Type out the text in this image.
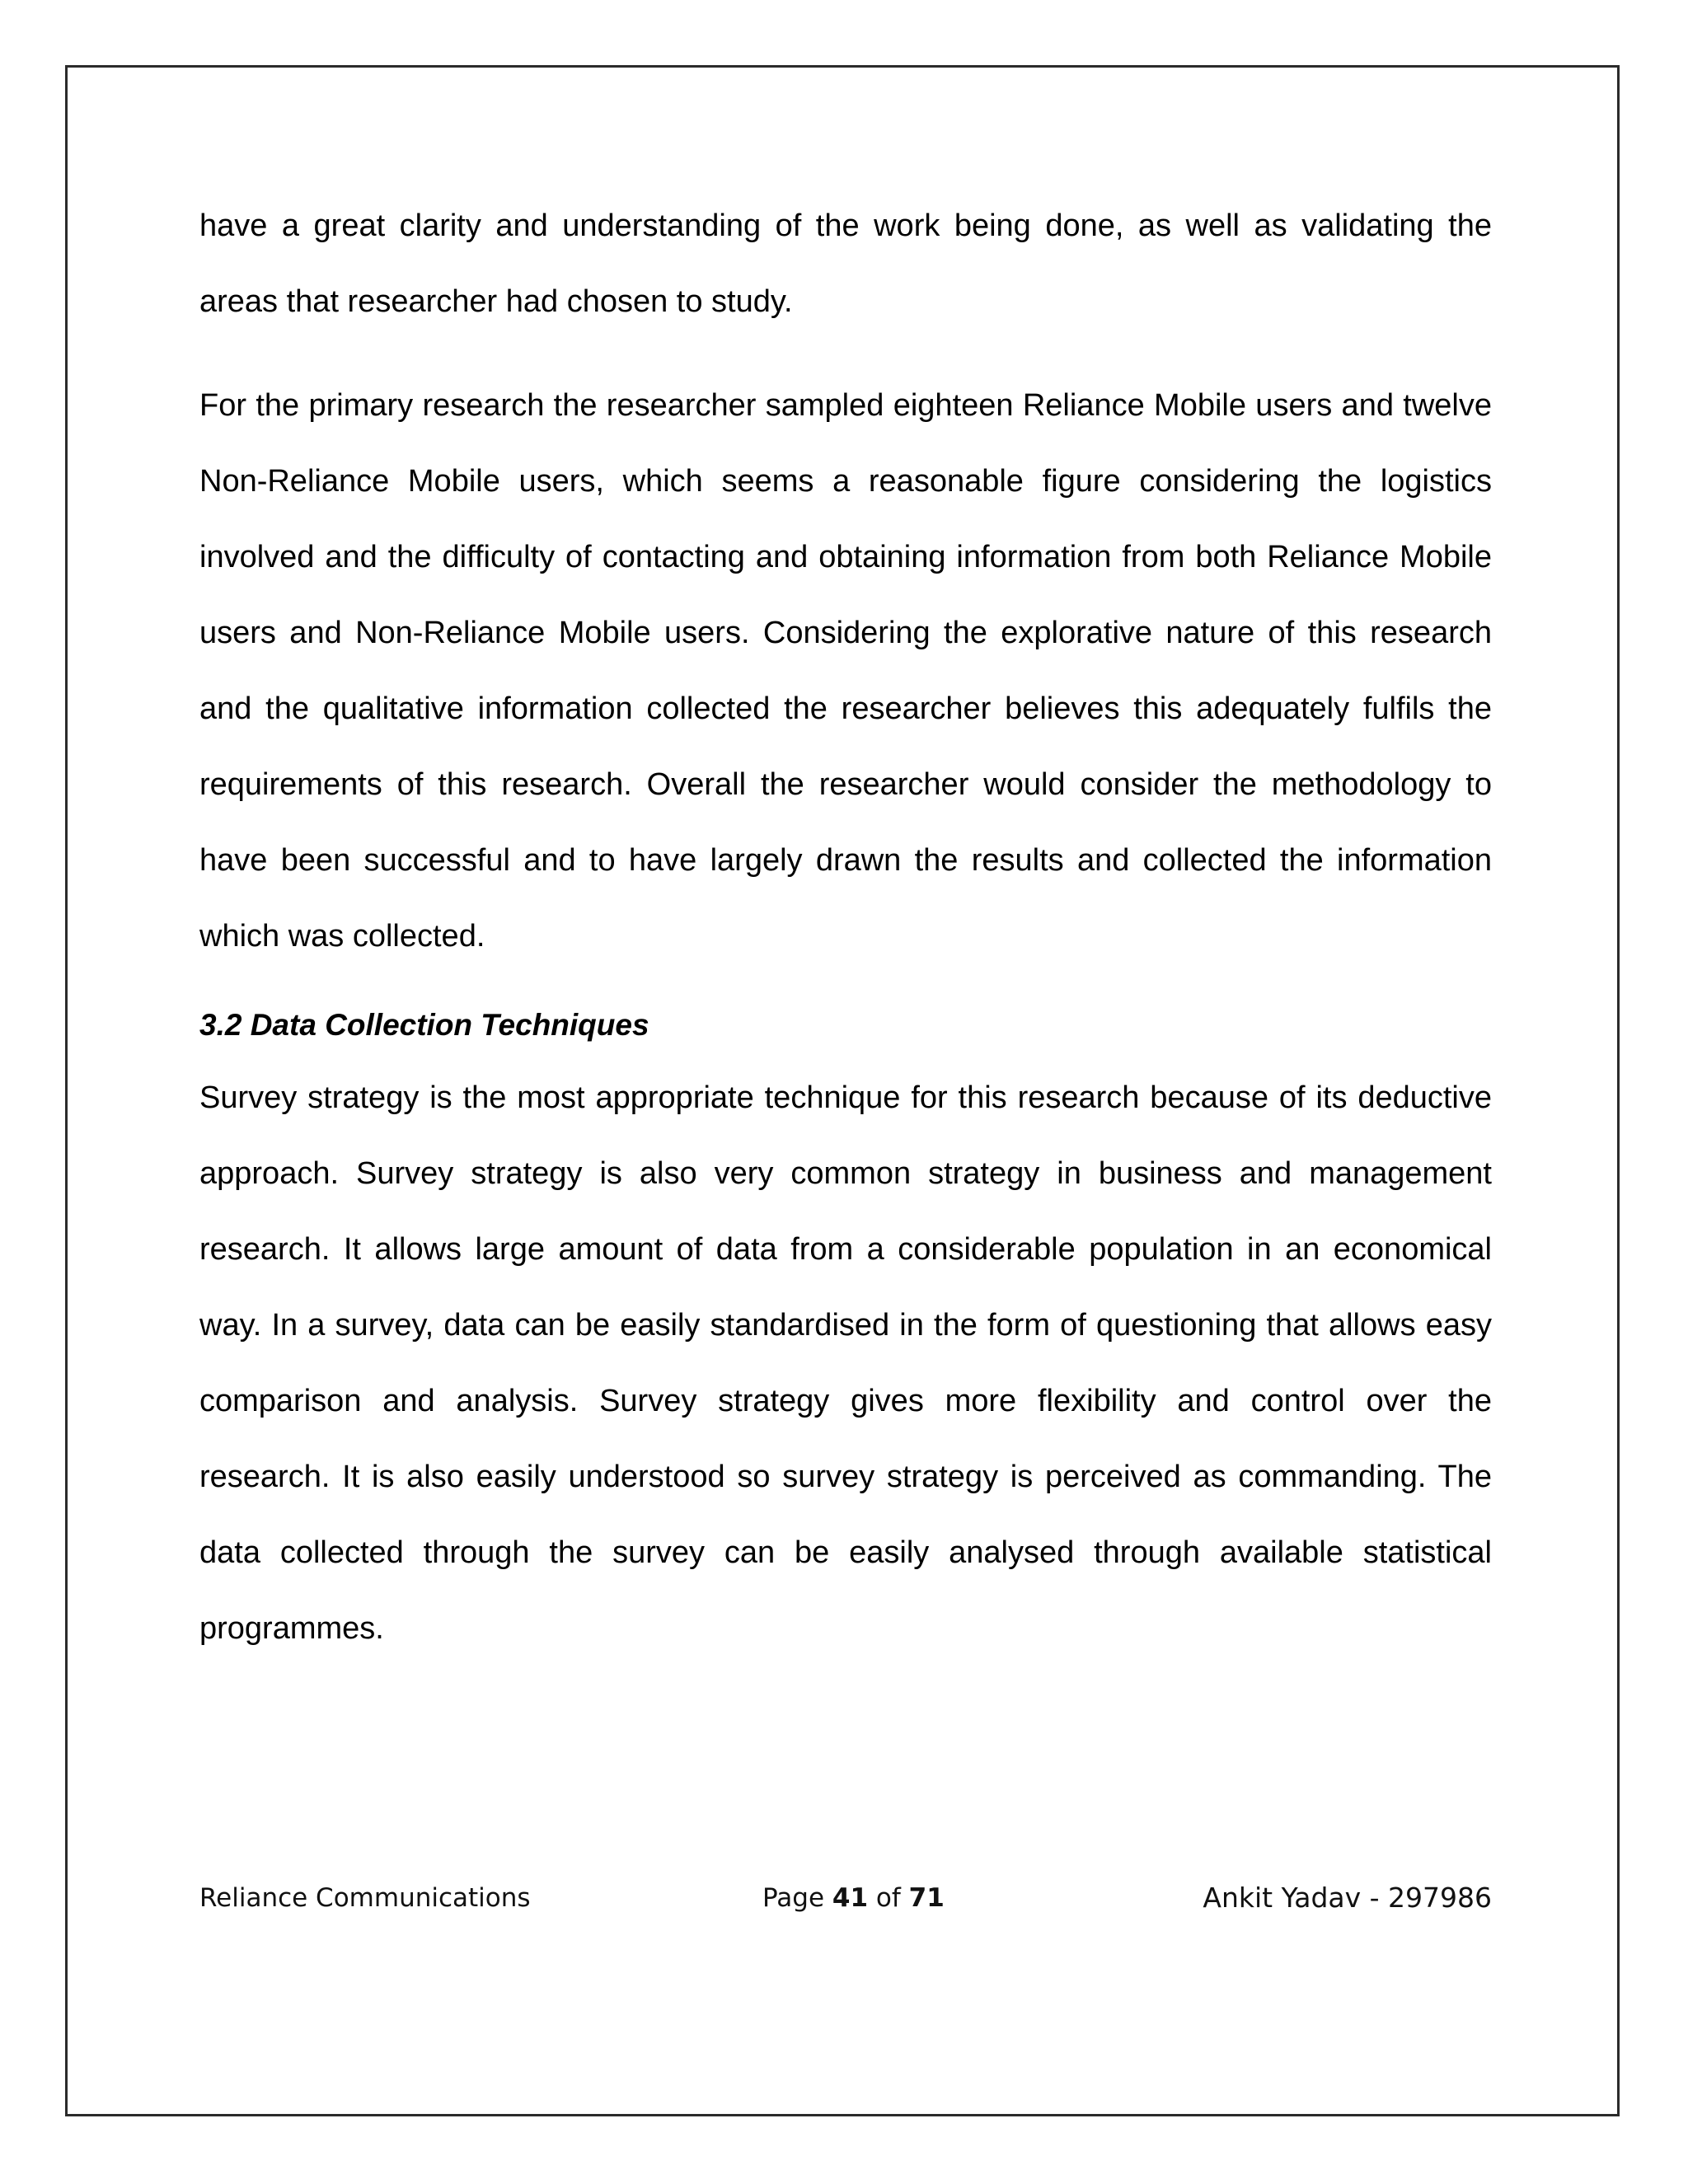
have a great clarity and understanding of the work being done, as well as validating the areas that researcher had chosen to study.

For the primary research the researcher sampled eighteen Reliance Mobile users and twelve Non-Reliance Mobile users, which seems a reasonable figure considering the logistics involved and the difficulty of contacting and obtaining information from both Reliance Mobile users and Non-Reliance Mobile users. Considering the explorative nature of this research and the qualitative information collected the researcher believes this adequately fulfils the requirements of this research. Overall the researcher would consider the methodology to have been successful and to have largely drawn the results and collected the information which was collected.

3.2 Data Collection Techniques

Survey strategy is the most appropriate technique for this research because of its deductive approach. Survey strategy is also very common strategy in business and management research. It allows large amount of data from a considerable population in an economical way. In a survey, data can be easily standardised in the form of questioning that allows easy comparison and analysis. Survey strategy gives more flexibility and control over the research. It is also easily understood so survey strategy is perceived as commanding. The data collected through the survey can be easily analysed through available statistical programmes.

Reliance Communications	Page 41 of 71	Ankit Yadav - 297986
